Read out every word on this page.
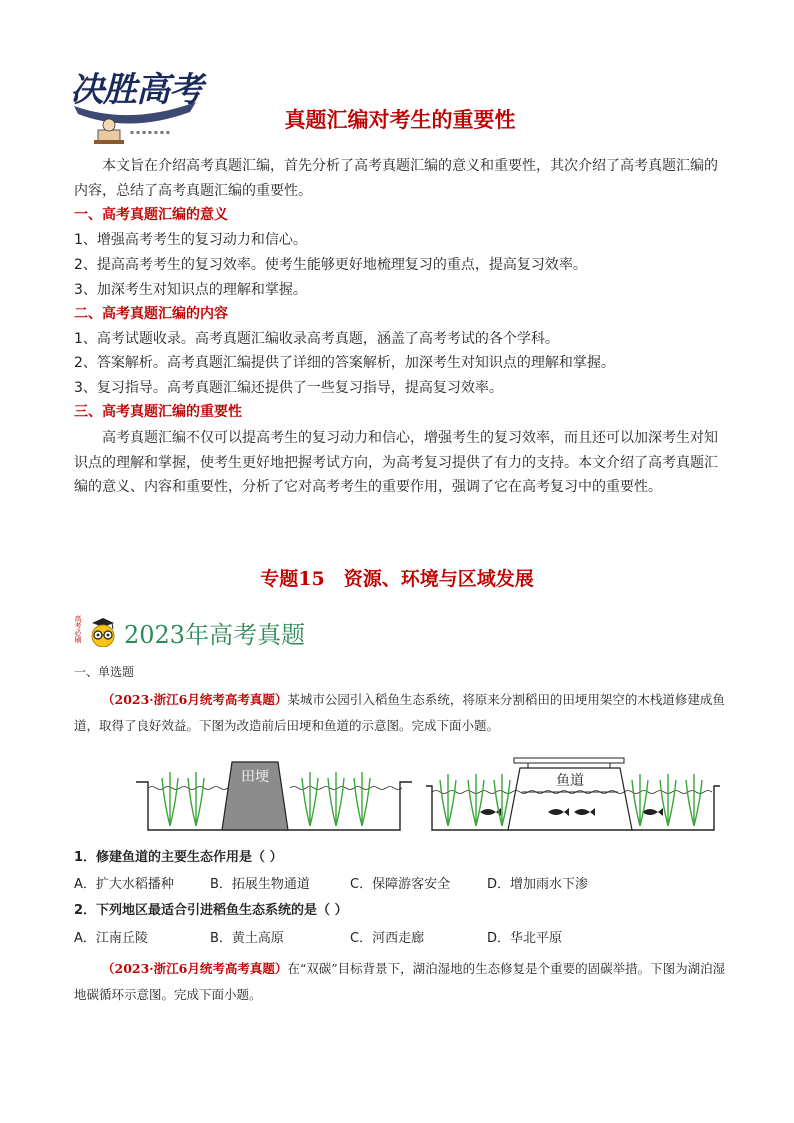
决胜高考
▪ ▪ ▪ ▪ ▪ ▪ ▪
真题汇编对考生的重要性
本文旨在介绍高考真题汇编，首先分析了高考真题汇编的意义和重要性，其次介绍了高考真题汇编的内容，总结了高考真题汇编的重要性。
一、高考真题汇编的意义
1、增强高考考生的复习动力和信心。
2、提高高考考生的复习效率。使考生能够更好地梳理复习的重点，提高复习效率。
3、加深考生对知识点的理解和掌握。
二、高考真题汇编的内容
1、高考试题收录。高考真题汇编收录高考真题，涵盖了高考考试的各个学科。
2、答案解析。高考真题汇编提供了详细的答案解析，加深考生对知识点的理解和掌握。
3、复习指导。高考真题汇编还提供了一些复习指导，提高复习效率。
三、高考真题汇编的重要性
高考真题汇编不仅可以提高考生的复习动力和信心，增强考生的复习效率，而且还可以加深考生对知识点的理解和掌握，使考生更好地把握考试方向，为高考复习提供了有力的支持。本文介绍了高考真题汇编的意义、内容和重要性，分析了它对高考考生的重要作用，强调了它在高考复习中的重要性。
专题15　资源、环境与区域发展
高考必刷 2023年高考真题
一、单选题
（2023·浙江6月统考高考真题）某城市公园引入稻鱼生态系统，将原来分割稻田的田埂用架空的木栈道修建成鱼道，取得了良好效益。下图为改造前后田埂和鱼道的示意图。完成下面小题。
田埂	鱼道
1．修建鱼道的主要生态作用是（ ）
A．扩大水稻播种	B．拓展生物通道	C．保障游客安全	D．增加雨水下渗
2．下列地区最适合引进稻鱼生态系统的是（ ）
A．江南丘陵	B．黄土高原	C．河西走廊	D．华北平原
（2023·浙江6月统考高考真题）在“双碳”目标背景下，湖泊湿地的生态修复是个重要的固碳举措。下图为湖泊湿地碳循环示意图。完成下面小题。
